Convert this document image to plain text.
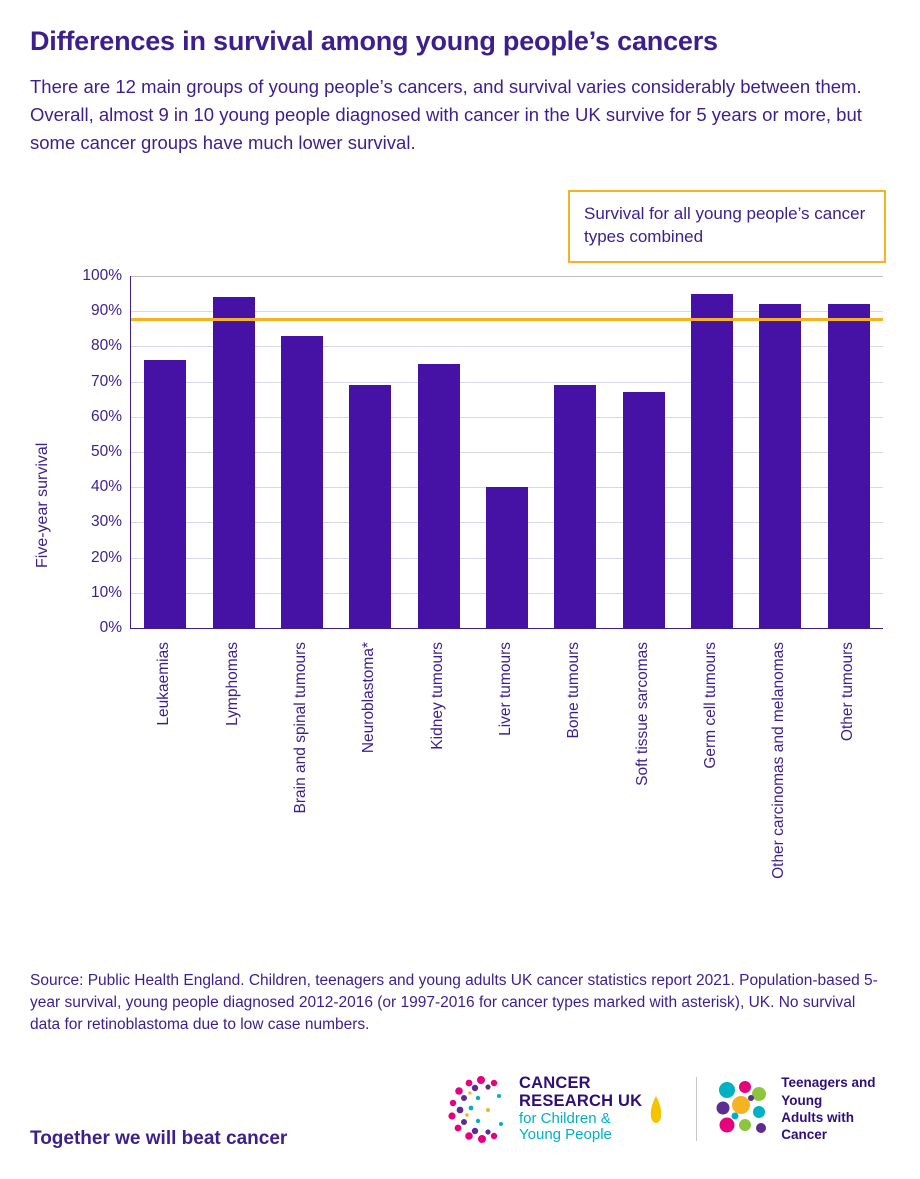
Differences in survival among young people’s cancers

There are 12 main groups of young people’s cancers, and survival varies considerably between them. Overall, almost 9 in 10 young people diagnosed with cancer in the UK survive for 5 years or more, but some cancer groups have much lower survival.

Survival for all young people’s cancer types combined
Five-year survival
100%
90%
80%
70%
60%
50%
40%
30%
20%
10%
0%
Leukaemias	Lymphomas	Brain and spinal tumours	Neuroblastoma*	Kidney tumours	Liver tumours	Bone tumours	Soft tissue sarcomas	Germ cell tumours	Other carcinomas and melanomas	Other tumours
Source: Public Health England. Children, teenagers and young adults UK cancer statistics report 2021. Population-based 5-year survival, young people diagnosed 2012-2016 (or 1997-2016 for cancer types marked with asterisk), UK. No survival data for retinoblastoma due to low case numbers.
Together we will beat cancer
CANCER
RESEARCH UK
for Children &
Young People
Teenagers and
Young
Adults with
Cancer
